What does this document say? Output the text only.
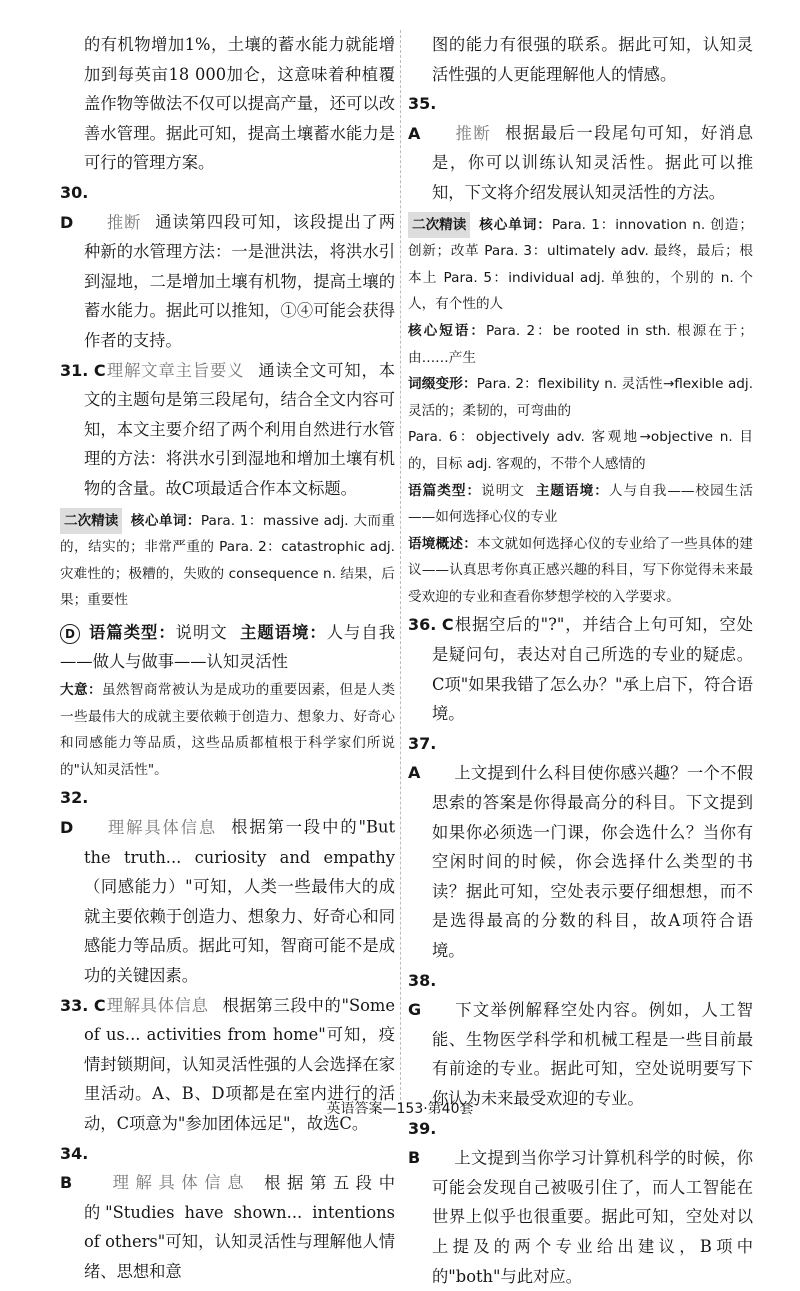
的有机物增加1%，土壤的蓄水能力就能增加到每英亩18 000加仑，这意味着种植覆盖作物等做法不仅可以提高产量，还可以改善水管理。据此可知，提高土壤蓄水能力是可行的管理方案。

30. D 推断 通读第四段可知，该段提出了两种新的水管理方法：一是泄洪法，将洪水引到湿地，二是增加土壤有机物，提高土壤的蓄水能力。据此可以推知，①④可能会获得作者的支持。

31. C理解文章主旨要义 通读全文可知，本文的主题句是第三段尾句，结合全文内容可知，本文主要介绍了两个利用自然进行水管理的方法：将洪水引到湿地和增加土壤有机物的含量。故C项最适合作本文标题。

二次精读 核心单词：Para. 1：massive adj. 大而重的，结实的；非常严重的 Para. 2：catastrophic adj. 灾难性的；极糟的，失败的 consequence n. 结果，后果；重要性

D 语篇类型：说明文 主题语境：人与自我——做人与做事——认知灵活性

大意：虽然智商常被认为是成功的重要因素，但是人类一些最伟大的成就主要依赖于创造力、想象力、好奇心和同感能力等品质，这些品质都植根于科学家们所说的"认知灵活性"。

32. D 理解具体信息 根据第一段中的"But the truth... curiosity and empathy（同感能力）"可知，人类一些最伟大的成就主要依赖于创造力、想象力、好奇心和同感能力等品质。据此可知，智商可能不是成功的关键因素。

33. C理解具体信息 根据第三段中的"Some of us... activities from home"可知，疫情封锁期间，认知灵活性强的人会选择在家里活动。A、B、D项都是在室内进行的活动，C项意为"参加团体远足"，故选C。

34. B 理解具体信息 根据第五段中的"Studies have shown... intentions of others"可知，认知灵活性与理解他人情绪、思想和意

图的能力有很强的联系。据此可知，认知灵活性强的人更能理解他人的情感。

35. A 推断 根据最后一段尾句可知，好消息是，你可以训练认知灵活性。据此可以推知，下文将介绍发展认知灵活性的方法。

二次精读 核心单词：Para. 1：innovation n. 创造；创新；改革 Para. 3：ultimately adv. 最终，最后；根本上 Para. 5：individual adj. 单独的，个别的 n. 个人，有个性的人

核心短语：Para. 2：be rooted in sth. 根源在于；由……产生

词缀变形：Para. 2：flexibility n. 灵活性→flexible adj. 灵活的；柔韧的，可弯曲的

Para. 6：objectively adv. 客观地→objective n. 目的，目标 adj. 客观的，不带个人感情的

语篇类型：说明文 主题语境：人与自我——校园生活——如何选择心仪的专业

语境概述：本文就如何选择心仪的专业给了一些具体的建议——认真思考你真正感兴趣的科目，写下你觉得未来最受欢迎的专业和查看你梦想学校的入学要求。

36. C根据空后的"?"，并结合上句可知，空处是疑问句，表达对自己所选的专业的疑虑。C项"如果我错了怎么办？"承上启下，符合语境。

37. A 上文提到什么科目使你感兴趣？一个不假思索的答案是你得最高分的科目。下文提到如果你必须选一门课，你会选什么？当你有空闲时间的时候，你会选择什么类型的书读？据此可知，空处表示要仔细想想，而不是选得最高的分数的科目，故A项符合语境。

38. G 下文举例解释空处内容。例如，人工智能、生物医学科学和机械工程是一些目前最有前途的专业。据此可知，空处说明要写下你认为未来最受欢迎的专业。

39. B 上文提到当你学习计算机科学的时候，你可能会发现自己被吸引住了，而人工智能在世界上似乎也很重要。据此可知，空处对以上提及的两个专业给出建议，B项中的"both"与此对应。

英语答案—153·第40套
